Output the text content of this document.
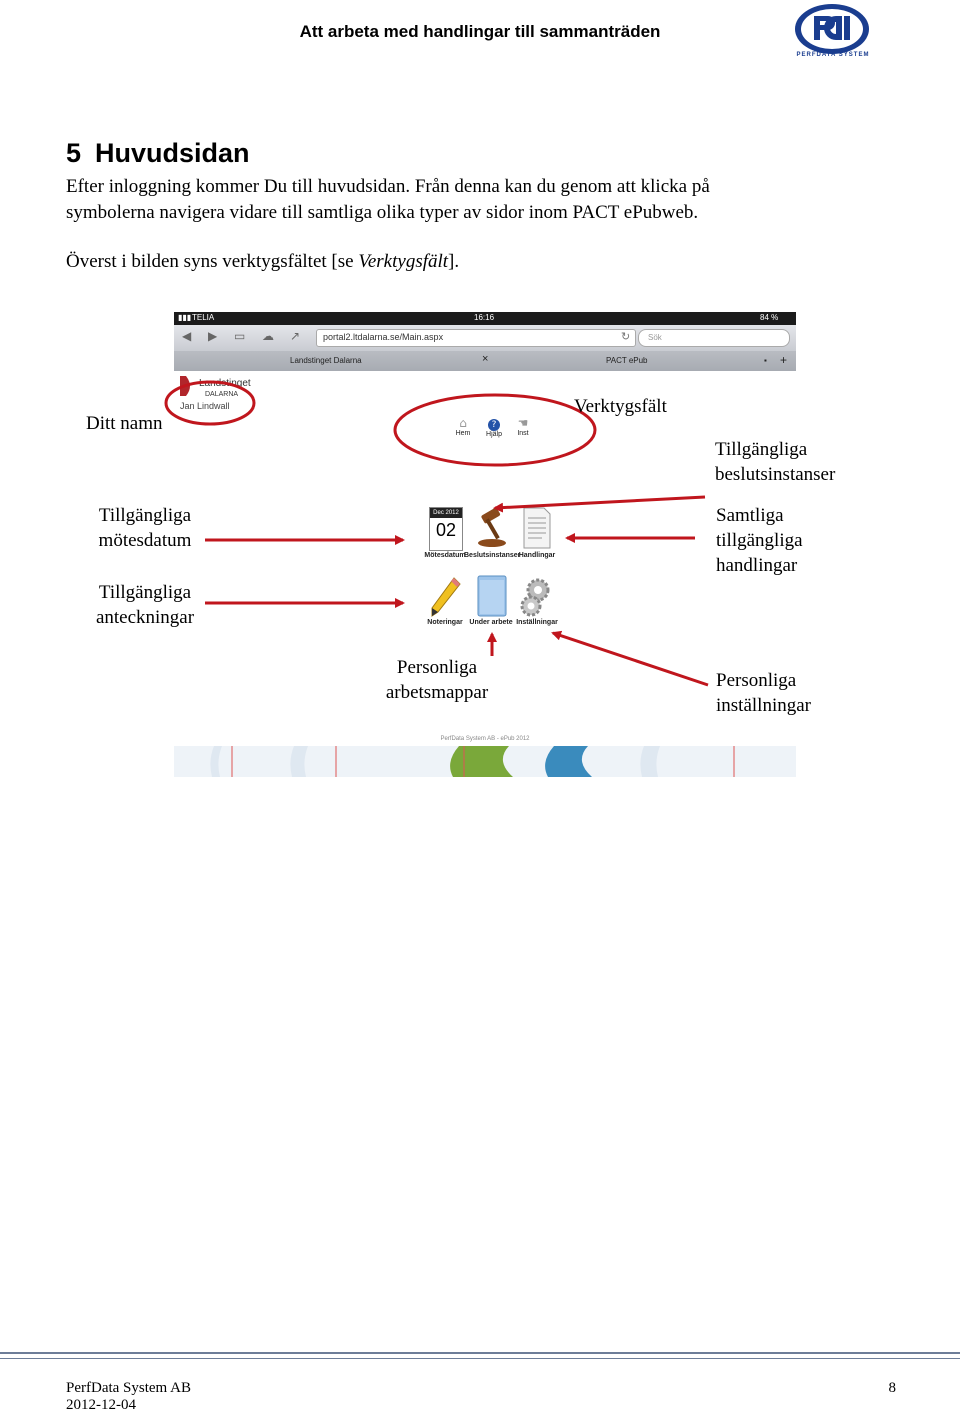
Att arbeta med handlingar till sammanträden
PERFDATA SYSTEM
5 Huvudsidan
Efter inloggning kommer Du till huvudsidan. Från denna kan du genom att klicka på
symbolerna navigera vidare till samtliga olika typer av sidor inom PACT ePubweb.
Överst i bilden syns verktygsfältet [se Verktygsfält].
▮▮▮ TELIA	16:16	84 %
◀ ▶ ▭ ☁ ↗	portal2.ltdalarna.se/Main.aspx	↻ Sök
Landstinget Dalarna	×	PACT ePub	▪ +
Landstinget
DALARNA
Jan Lindwall
⌂
Hem
?
Hjälp
☚
Inst
Dec 2012
02
Mötesdatum
Beslutsinstanser
Handlingar
Noteringar Under arbete Inställningar
Ditt namn
Verktygsfält
Tillgängliga
beslutsinstanser
Tillgängliga
mötesdatum
Tillgängliga
anteckningar
Samtliga
tillgängliga
handlingar
Personliga
arbetsmappar
Personliga
inställningar
PerfData System AB - ePub 2012
PerfData System AB
2012-12-04
8
